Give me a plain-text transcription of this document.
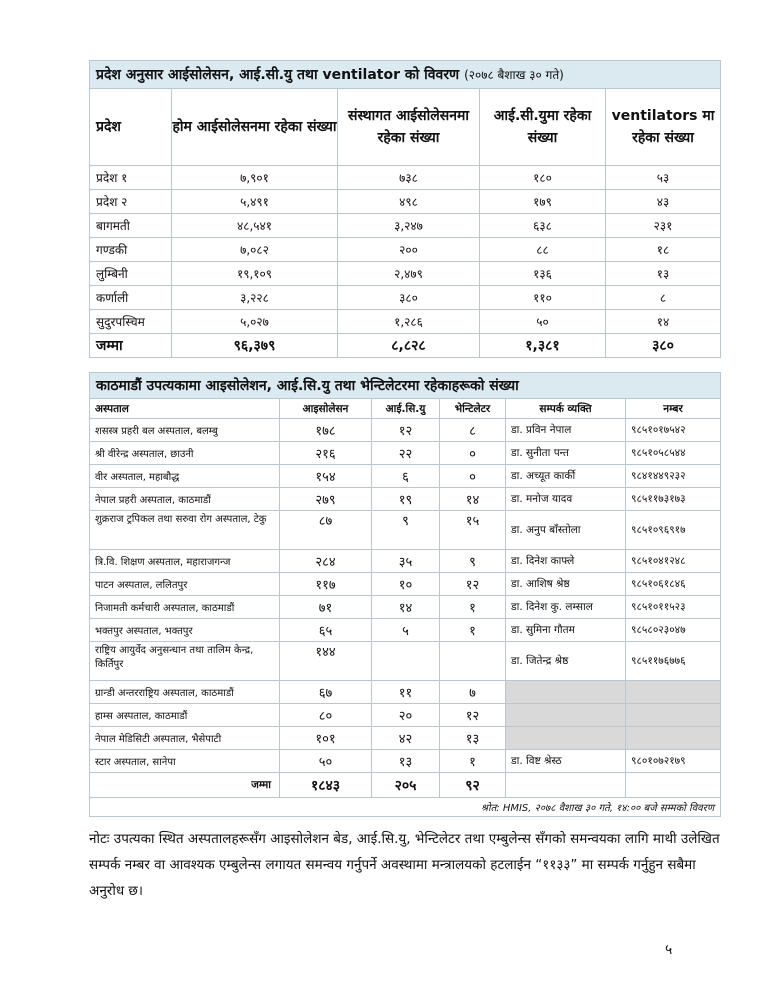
प्रदेश अनुसार आईसोलेसन, आई.सी.यु तथा ventilator को विवरण (२०७८ बैशाख ३० गते)				
प्रदेश	होम आईसोलेसनमा रहेका संख्या	संस्थागत आईसोलेसनमा रहेका संख्या	आई.सी.युमा रहेका संख्या	ventilators मा रहेका संख्या
प्रदेश १	७,९०१	७३८	१८०	५३
प्रदेश २	५,४९१	४९८	१७९	४३
बागमती	४८,५४१	३,२४७	६३८	२३१
गण्डकी	७,०८२	२००	८८	१८
लुम्बिनी	१९,१०९	२,४७९	१३६	१३
कर्णाली	३,२२८	३८०	११०	८
सुदुरपस्चिम	५,०२७	१,२८६	५०	१४
जम्मा	९६,३७९	८,८२८	१,३८१	३८०
काठमाडौं उपत्यकामा आइसोलेशन, आई.सि.यु तथा भेन्टिलेटरमा रहेकाहरूको संख्या					
अस्पताल	आइसोलेसन	आई.सि.यु	भेन्टिलेटर	सम्पर्क व्यक्ति	नम्बर
शसस्त्र प्रहरी बल अस्पताल, बलम्बु	१७८	१२	८	डा. प्रविन नेपाल	९८५१०१७५४२
श्री वीरेन्द्र अस्पताल, छाउनी	२१६	२२	०	डा. सुनीता पन्त	९८५१०५८५४४
वीर अस्पताल, महाबौद्ध	१५४	६	०	डा. अच्यूत कार्की	९८४१४४९२३२
नेपाल प्रहरी अस्पताल, काठमाडौं	२७९	१९	१४	डा. मनोज यादव	९८५११७३१७३
शुक्रराज ट्रपिकल तथा सरुवा रोग अस्पताल, टेकु	८७	९	१५	डा. अनुप बाँस्तोला	९८५१०९६९१७
त्रि.वि. शिक्षण अस्पताल, महाराजगन्ज	२८४	३५	९	डा. दिनेश काफ्ले	९८५१०४१२४८
पाटन अस्पताल, ललितपुर	११७	१०	१२	डा. आशिष श्रेष्ठ	९८५१०६१८४६
निजामती कर्मचारी अस्पताल, काठमाडौं	७१	१४	१	डा. दिनेश कु. लम्साल	९८५१०११५२३
भक्तपुर अस्पताल, भक्तपुर	६५	५	१	डा. सुमिना गौतम	९८५८०२३०४७
राष्ट्रिय आयुर्वेद अनुसन्धान तथा तालिम केन्द्र, किर्तिपुर	१४४			डा. जितेन्द्र श्रेष्ठ	९८५११७६७७६
ग्रान्डी अन्तरराष्ट्रिय अस्पताल, काठमाडौं	६७	११	७		
हाम्स अस्पताल, काठमाडौं	८०	२०	१२		
नेपाल मेडिसिटी अस्पताल, भैसेपाटी	१०१	४२	१३		
स्टार अस्पताल, सानेपा	५०	१३	१	डा. विष्ट श्रेस्ठ	९८०१०७२१७९
जम्मा	१८४३	२०५	९२		
श्रोत: HMIS, २०७८ वैशाख ३० गते, १४:०० बजे सम्मको विवरण					
नोटः उपत्यका स्थित अस्पतालहरूसँग आइसोलेशन बेड, आई.सि.यु, भेन्टिलेटर तथा एम्बुलेन्स सँगको समन्वयका लागि माथी उलेखित सम्पर्क नम्बर वा आवश्यक एम्बुलेन्स लगायत समन्वय गर्नुपर्ने अवस्थामा मन्त्रालयको हटलाईन “११३३” मा सम्पर्क गर्नुहुन सबैमा अनुरोध छ।
५
